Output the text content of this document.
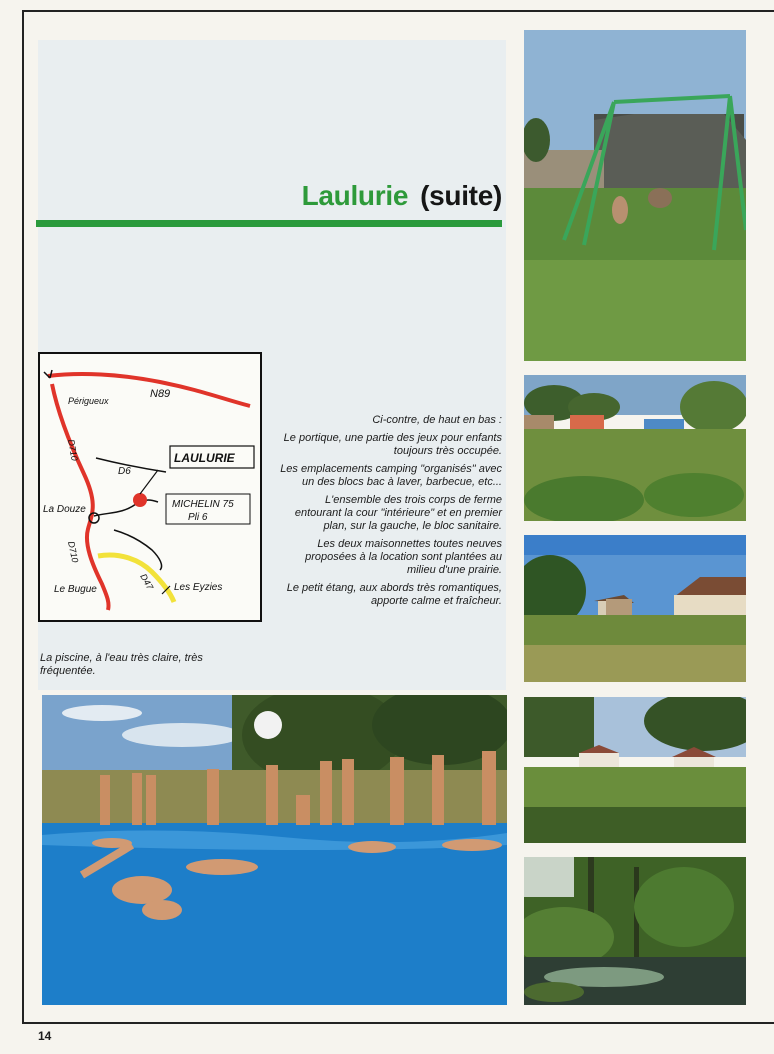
Laulurie (suite)
Périgueux
N89
D710
D6
LAULURIE
La Douze	MICHELIN 75
Pli 6
D710
D47
Le Bugue	Les Eyzies

Ci-contre, de haut en bas :

Le portique, une partie des jeux pour enfants toujours très occupée.

Les emplacements camping "organisés" avec un des blocs bac à laver, barbecue, etc...

L'ensemble des trois corps de ferme entourant la cour "intérieure" et en premier plan, sur la gauche, le bloc sanitaire.

Les deux maisonnettes toutes neuves proposées à la location sont plantées au milieu d'une prairie.

Le petit étang, aux abords très romantiques, apporte calme et fraîcheur.

La piscine, à l'eau très claire, très fréquentée.
14
